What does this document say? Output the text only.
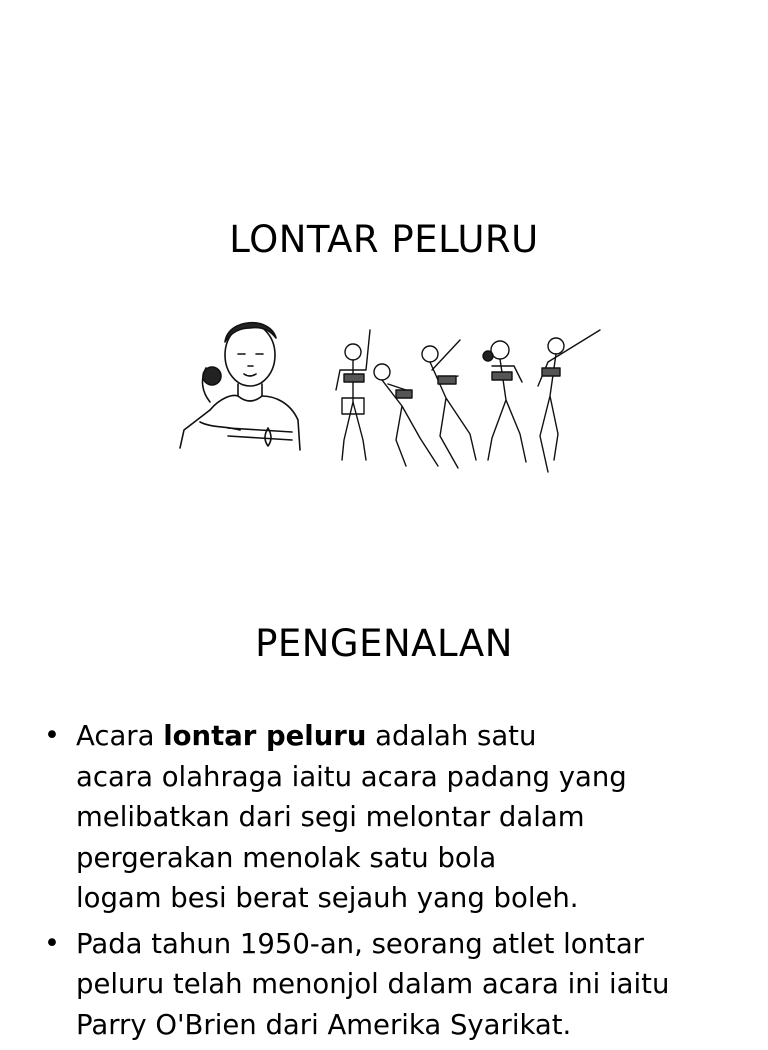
LONTAR PELURU
PENGENALAN
• Acara lontar peluru adalah satu
acara olahraga iaitu acara padang yang
melibatkan dari segi melontar dalam
pergerakan menolak satu bola
logam besi berat sejauh yang boleh.
• Pada tahun 1950-an, seorang atlet lontar
peluru telah menonjol dalam acara ini iaitu
Parry O'Brien dari Amerika Syarikat.
